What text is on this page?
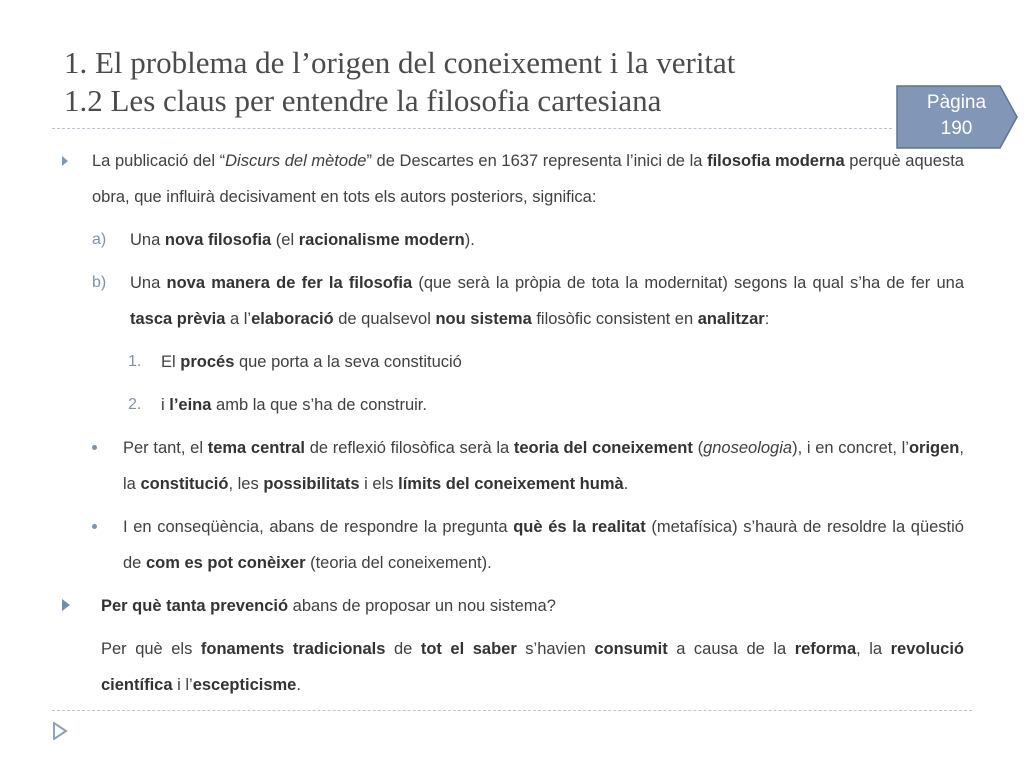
1. El problema de l’origen del coneixement i la veritat
1.2 Les claus per entendre la filosofia cartesiana	Pàgina
190
La publicació del “Discurs del mètode” de Descartes en 1637 representa l’inici de la filosofia moderna perquè aquesta obra, que influirà decisivament en tots els autors posteriors, significa:
a) Una nova filosofia (el racionalisme modern).
b) Una nova manera de fer la filosofia (que serà la pròpia de tota la modernitat) segons la qual s’ha de fer una tasca prèvia a l’elaboració de qualsevol nou sistema filosòfic consistent en analitzar:
1. El procés que porta a la seva constitució
2. i l’eina amb la que s’ha de construir.
Per tant, el tema central de reflexió filosòfica serà la teoria del coneixement (gnoseologia), i en concret, l’origen, la constitució, les possibilitats i els límits del coneixement humà.
I en conseqüència, abans de respondre la pregunta què és la realitat (metafísica) s’haurà de resoldre la qüestió de com es pot conèixer (teoria del coneixement).
Per què tanta prevenció abans de proposar un nou sistema?
Per què els fonaments tradicionals de tot el saber s’havien consumit a causa de la reforma, la revolució científica i l’escepticisme.
